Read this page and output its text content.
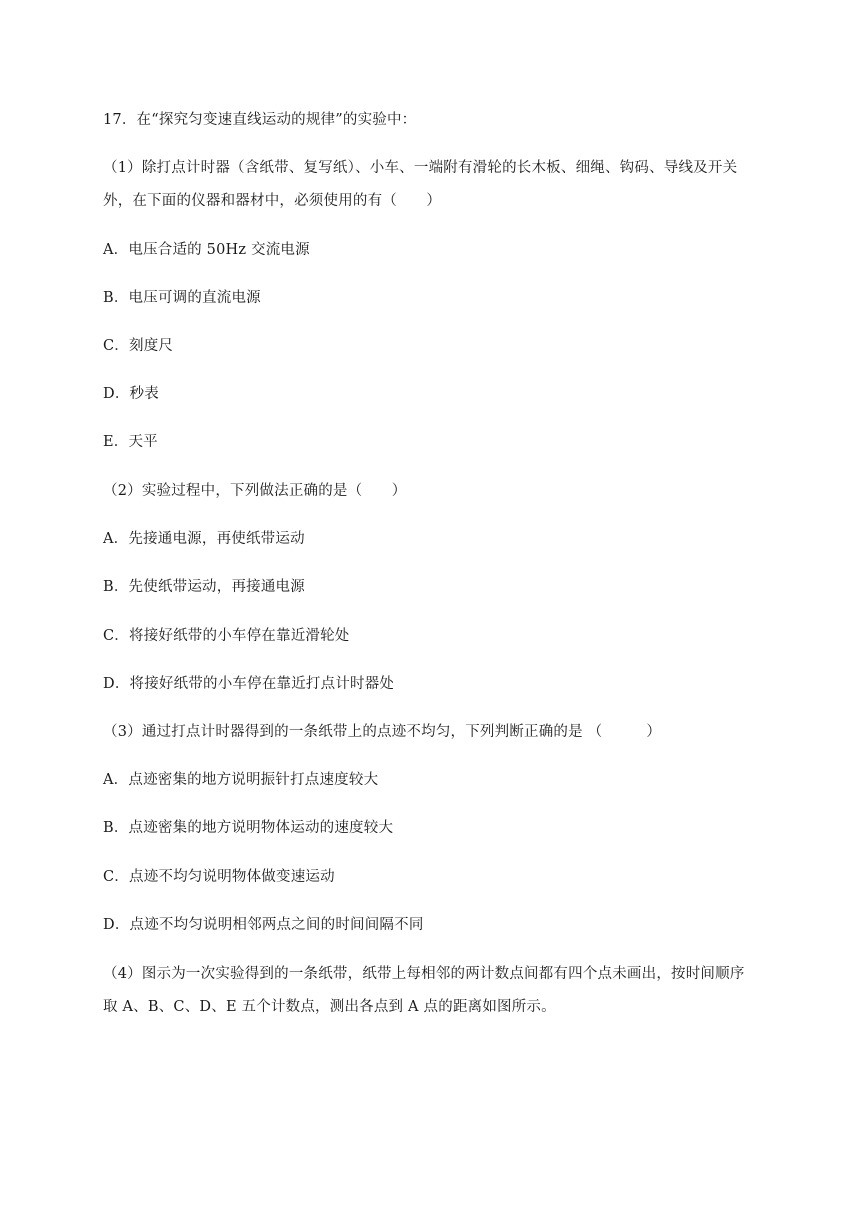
17．在“探究匀变速直线运动的规律”的实验中：
（1）除打点计时器（含纸带、复写纸）、小车、一端附有滑轮的长木板、细绳、钩码、导线及开关
外，在下面的仪器和器材中，必须使用的有（　　）
A．电压合适的 50Hz 交流电源
B．电压可调的直流电源
C．刻度尺
D．秒表
E．天平
（2）实验过程中，下列做法正确的是（　　）
A．先接通电源，再使纸带运动
B．先使纸带运动，再接通电源
C．将接好纸带的小车停在靠近滑轮处
D．将接好纸带的小车停在靠近打点计时器处
（3）通过打点计时器得到的一条纸带上的点迹不均匀，下列判断正确的是 （　　　）
A．点迹密集的地方说明振针打点速度较大
B．点迹密集的地方说明物体运动的速度较大
C．点迹不均匀说明物体做变速运动
D．点迹不均匀说明相邻两点之间的时间间隔不同
（4）图示为一次实验得到的一条纸带，纸带上每相邻的两计数点间都有四个点未画出，按时间顺序
取 A、B、C、D、E 五个计数点，测出各点到 A 点的距离如图所示。
